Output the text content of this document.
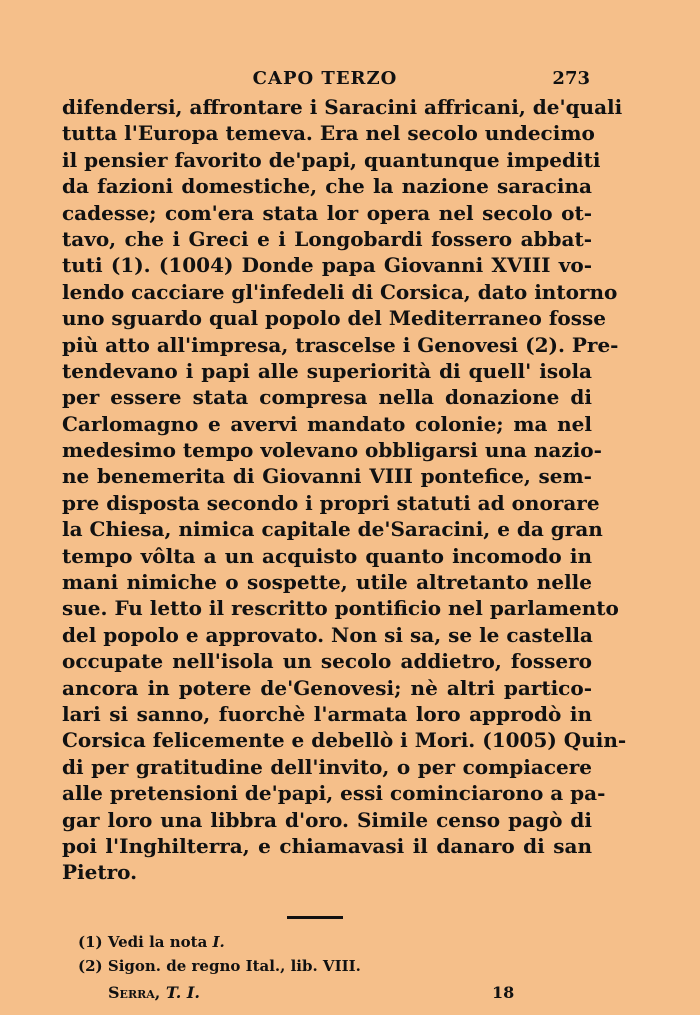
CAPO TERZO	273
difendersi, affrontare i Saracini affricani, de'quali
tutta l'Europa temeva. Era nel secolo undecimo
il pensier favorito de'papi, quantunque impediti
da fazioni domestiche, che la nazione saracina
cadesse; com'era stata lor opera nel secolo ot-
tavo, che i Greci e i Longobardi fossero abbat-
tuti (1). (1004) Donde papa Giovanni XVIII vo-
lendo cacciare gl'infedeli di Corsica, dato intorno
uno sguardo qual popolo del Mediterraneo fosse
più atto all'impresa, trascelse i Genovesi (2). Pre-
tendevano i papi alle superiorità di quell' isola
per essere stata compresa nella donazione di
Carlomagno e avervi mandato colonie; ma nel
medesimo tempo volevano obbligarsi una nazio-
ne benemerita di Giovanni VIII pontefice, sem-
pre disposta secondo i propri statuti ad onorare
la Chiesa, nimica capitale de'Saracini, e da gran
tempo vôlta a un acquisto quanto incomodo in
mani nimiche o sospette, utile altretanto nelle
sue. Fu letto il rescritto pontificio nel parlamento
del popolo e approvato. Non si sa, se le castella
occupate nell'isola un secolo addietro, fossero
ancora in potere de'Genovesi; nè altri partico-
lari si sanno, fuorchè l'armata loro approdò in
Corsica felicemente e debellò i Mori. (1005) Quin-
di per gratitudine dell'invito, o per compiacere
alle pretensioni de'papi, essi cominciarono a pa-
gar loro una libbra d'oro. Simile censo pagò di
poi l'Inghilterra, e chiamavasi il danaro di san
Pietro.
(1) Vedi la nota I.
(2) Sigon. de regno Ital., lib. VIII.
Serra, T. I.	18
